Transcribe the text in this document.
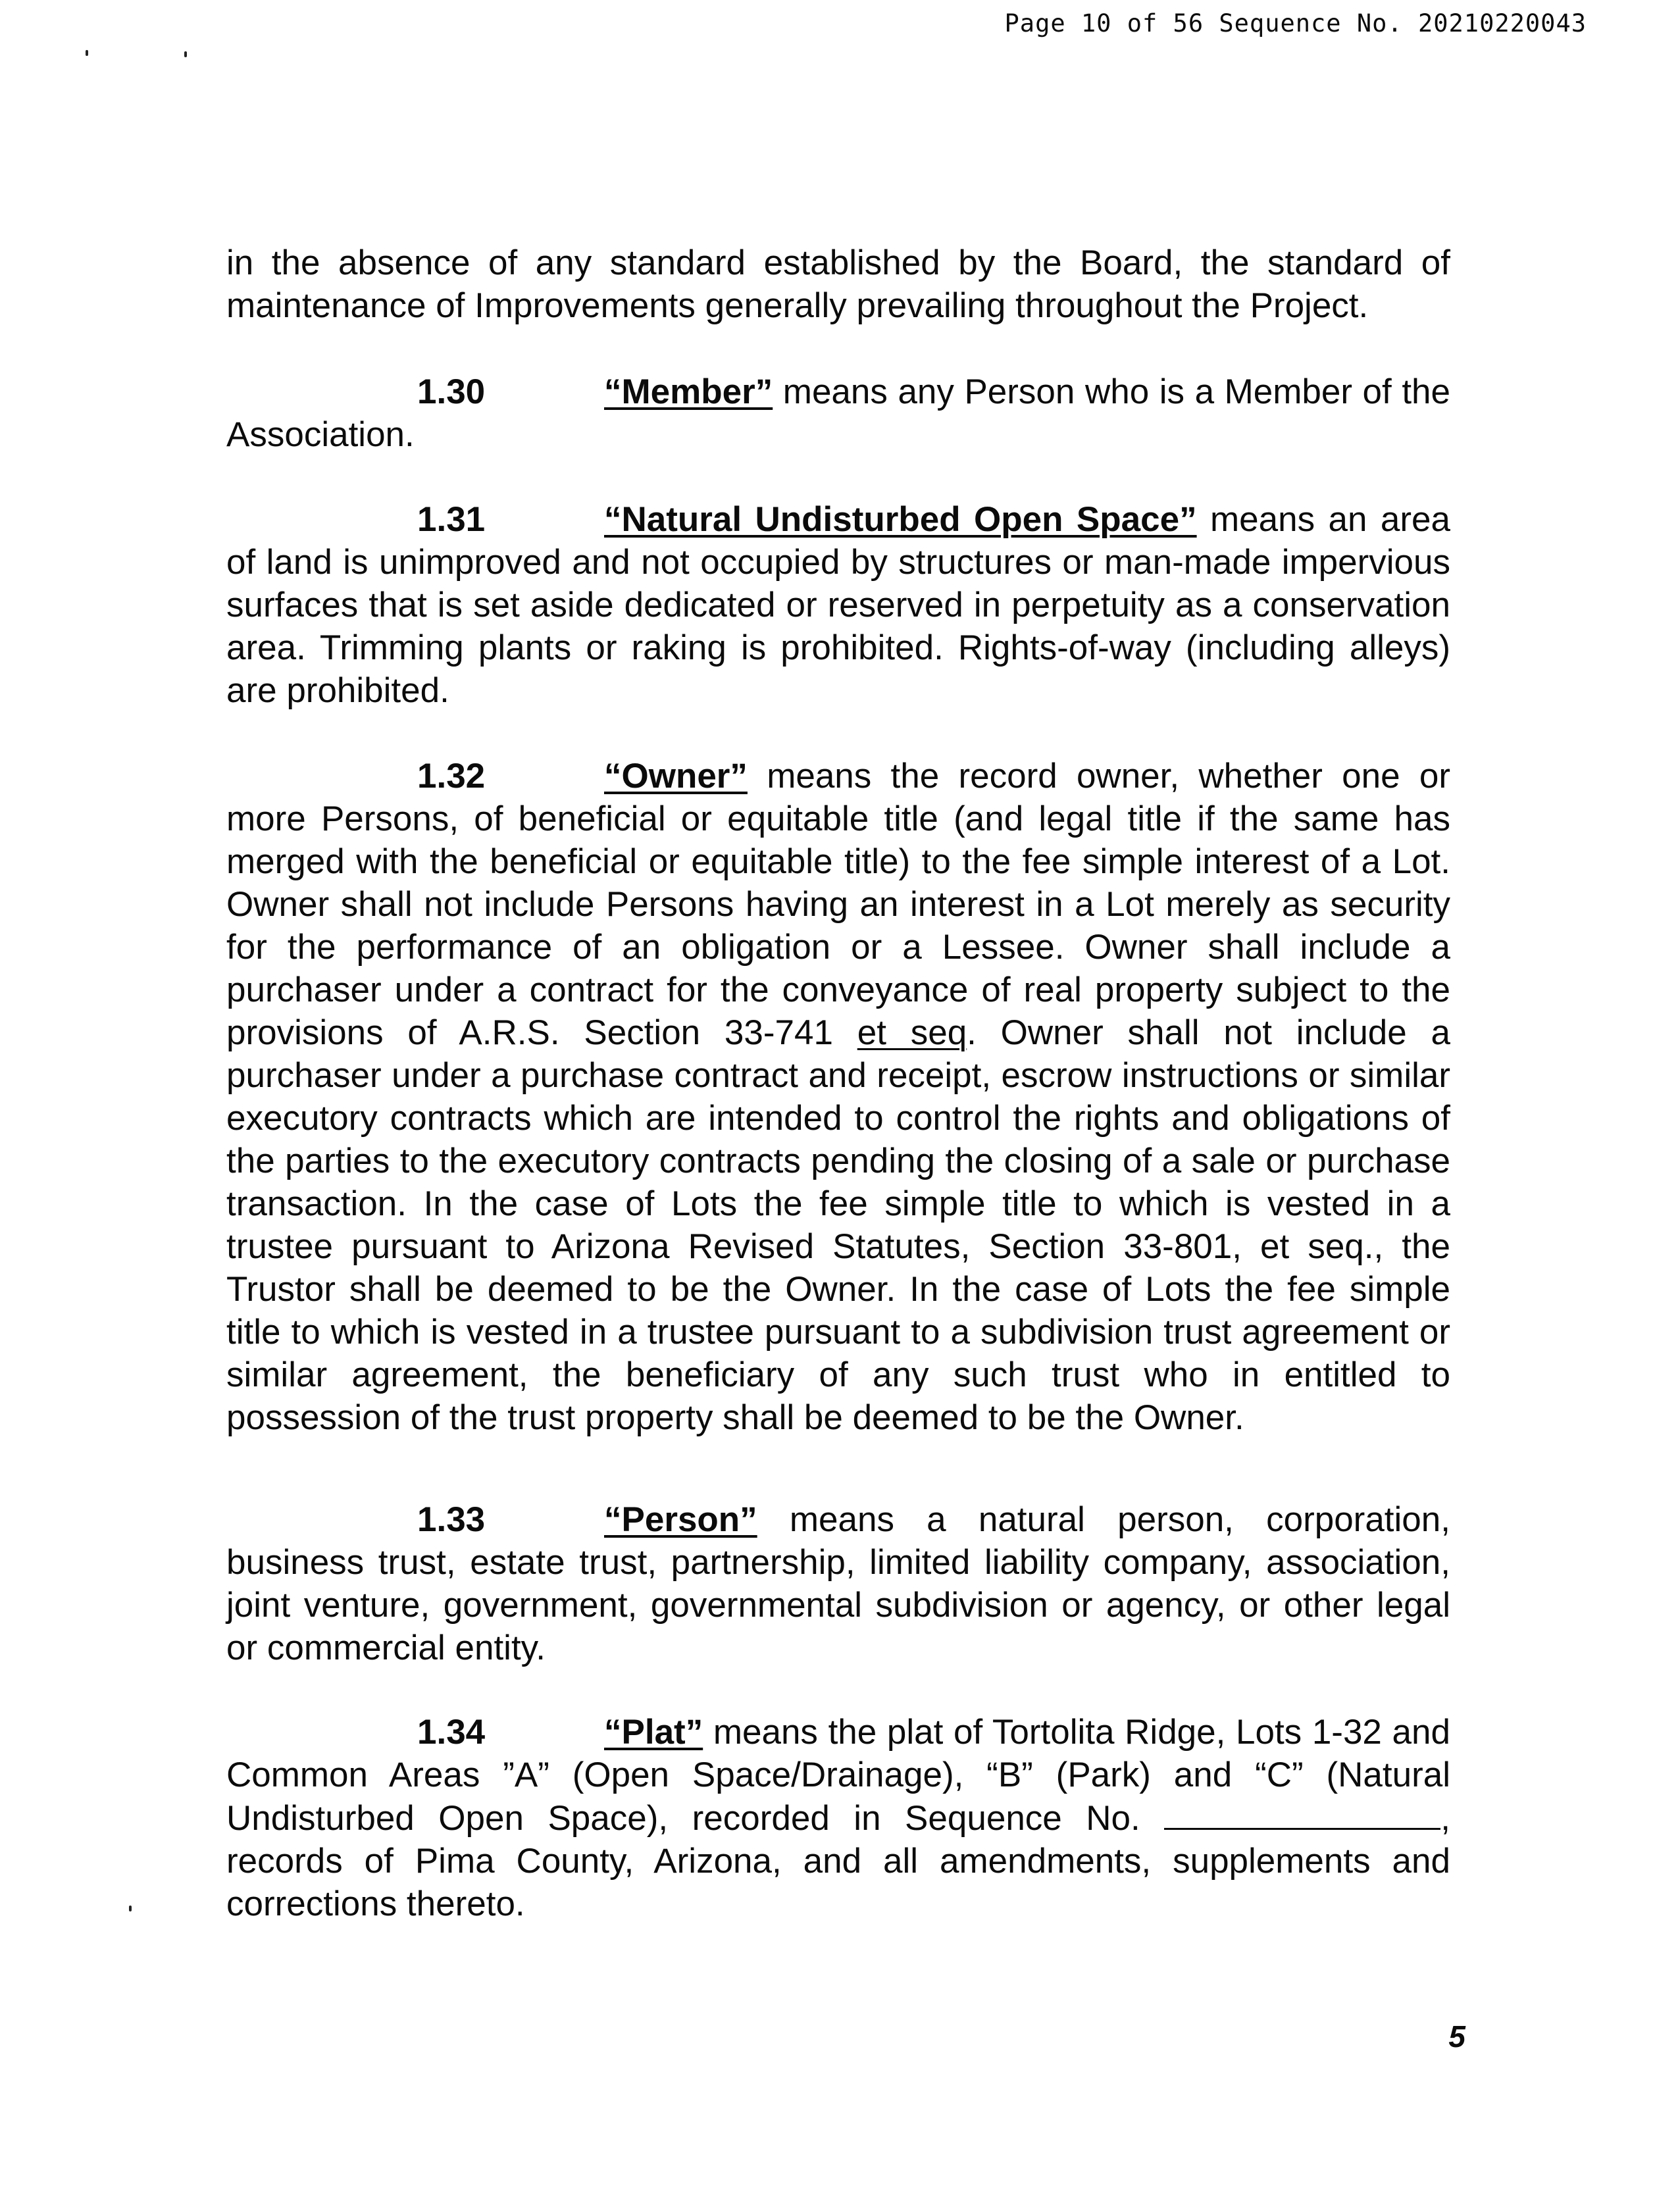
Page 10 of 56 Sequence No. 20210220043

in the absence of any standard established by the Board, the standard of maintenance of Improvements generally prevailing throughout the Project.

1.30	“Member” means any Person who is a Member of the Association.

1.31	“Natural Undisturbed Open Space” means an area of land is unimproved and not occupied by structures or man-made impervious surfaces that is set aside dedicated or reserved in perpetuity as a conservation area. Trimming plants or raking is prohibited. Rights-of-way (including alleys) are prohibited.

1.32	“Owner” means the record owner, whether one or more Persons, of beneficial or equitable title (and legal title if the same has merged with the beneficial or equitable title) to the fee simple interest of a Lot. Owner shall not include Persons having an interest in a Lot merely as security for the performance of an obligation or a Lessee. Owner shall include a purchaser under a contract for the conveyance of real property subject to the provisions of A.R.S. Section 33-741 et seq. Owner shall not include a purchaser under a purchase contract and receipt, escrow instructions or similar executory contracts which are intended to control the rights and obligations of the parties to the executory contracts pending the closing of a sale or purchase transaction. In the case of Lots the fee simple title to which is vested in a trustee pursuant to Arizona Revised Statutes, Section 33-801, et seq., the Trustor shall be deemed to be the Owner. In the case of Lots the fee simple title to which is vested in a trustee pursuant to a subdivision trust agreement or similar agreement, the beneficiary of any such trust who in entitled to possession of the trust property shall be deemed to be the Owner.

1.33	“Person” means a natural person, corporation, business trust, estate trust, partnership, limited liability company, association, joint venture, government, governmental subdivision or agency, or other legal or commercial entity.

1.34	“Plat” means the plat of Tortolita Ridge, Lots 1-32 and Common Areas ”A” (Open Space/Drainage), “B” (Park) and “C” (Natural Undisturbed Open Space), recorded in Sequence No.	, records of Pima County, Arizona, and all amendments, supplements and corrections thereto.

5
